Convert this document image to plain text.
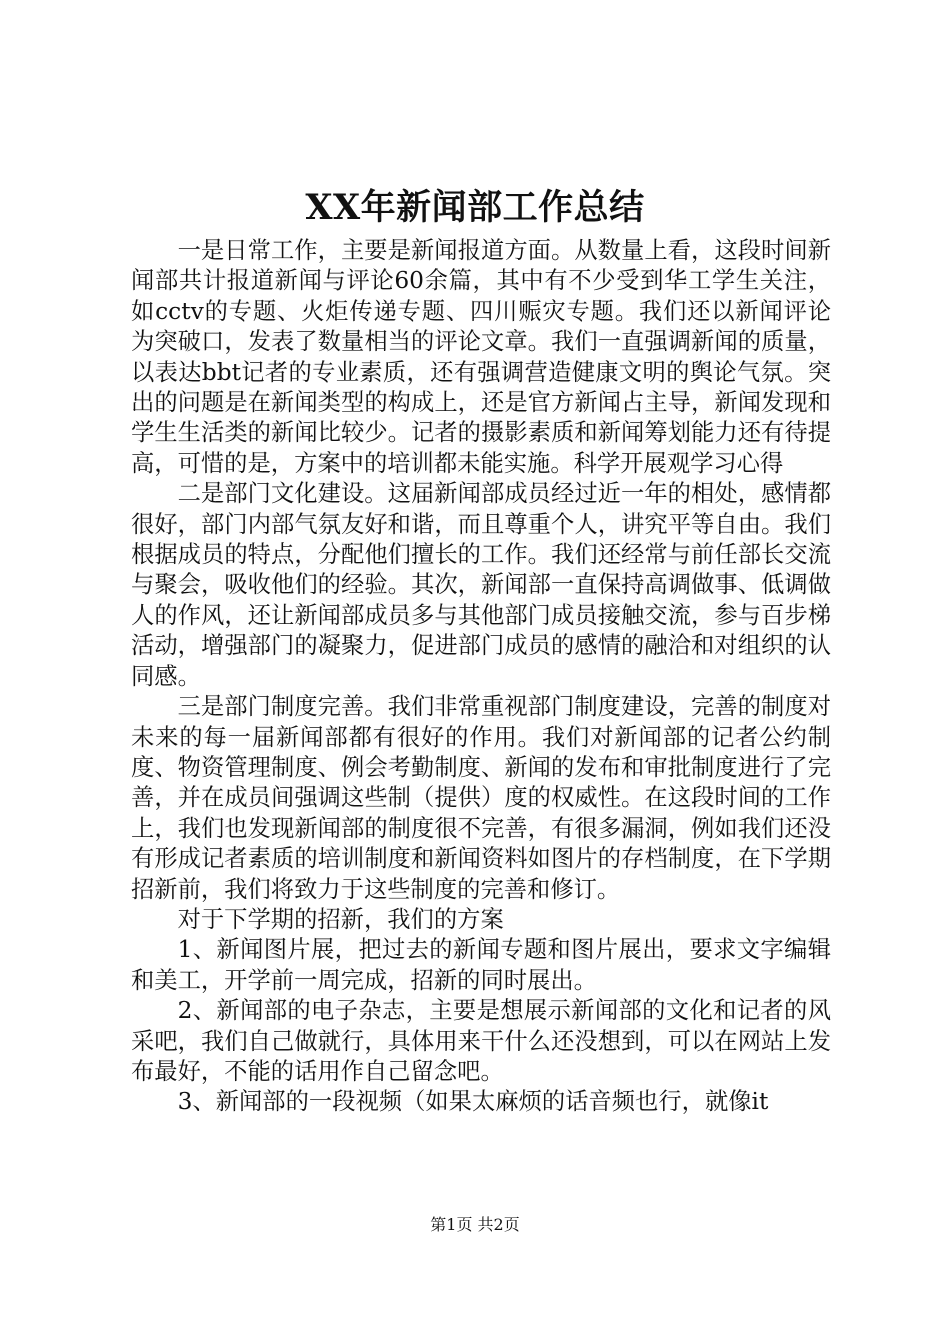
XX年新闻部工作总结

一是日常工作，主要是新闻报道方面。从数量上看，这段时间新闻部共计报道新闻与评论60余篇，其中有不少受到华工学生关注，如cctv的专题、火炬传递专题、四川赈灾专题。我们还以新闻评论为突破口，发表了数量相当的评论文章。我们一直强调新闻的质量，以表达bbt记者的专业素质，还有强调营造健康文明的舆论气氛。突出的问题是在新闻类型的构成上，还是官方新闻占主导，新闻发现和学生生活类的新闻比较少。记者的摄影素质和新闻筹划能力还有待提高，可惜的是，方案中的培训都未能实施。科学开展观学习心得

二是部门文化建设。这届新闻部成员经过近一年的相处，感情都很好，部门内部气氛友好和谐，而且尊重个人，讲究平等自由。我们根据成员的特点，分配他们擅长的工作。我们还经常与前任部长交流与聚会，吸收他们的经验。其次，新闻部一直保持高调做事、低调做人的作风，还让新闻部成员多与其他部门成员接触交流，参与百步梯活动，增强部门的凝聚力，促进部门成员的感情的融洽和对组织的认同感。

三是部门制度完善。我们非常重视部门制度建设，完善的制度对未来的每一届新闻部都有很好的作用。我们对新闻部的记者公约制度、物资管理制度、例会考勤制度、新闻的发布和审批制度进行了完善，并在成员间强调这些制（提供）度的权威性。在这段时间的工作上，我们也发现新闻部的制度很不完善，有很多漏洞，例如我们还没有形成记者素质的培训制度和新闻资料如图片的存档制度，在下学期招新前，我们将致力于这些制度的完善和修订。

对于下学期的招新，我们的方案

1、新闻图片展，把过去的新闻专题和图片展出，要求文字编辑和美工，开学前一周完成，招新的同时展出。

2、新闻部的电子杂志，主要是想展示新闻部的文化和记者的风采吧，我们自己做就行，具体用来干什么还没想到，可以在网站上发布最好，不能的话用作自己留念吧。

3、新闻部的一段视频（如果太麻烦的话音频也行，就像it

第1页 共2页
